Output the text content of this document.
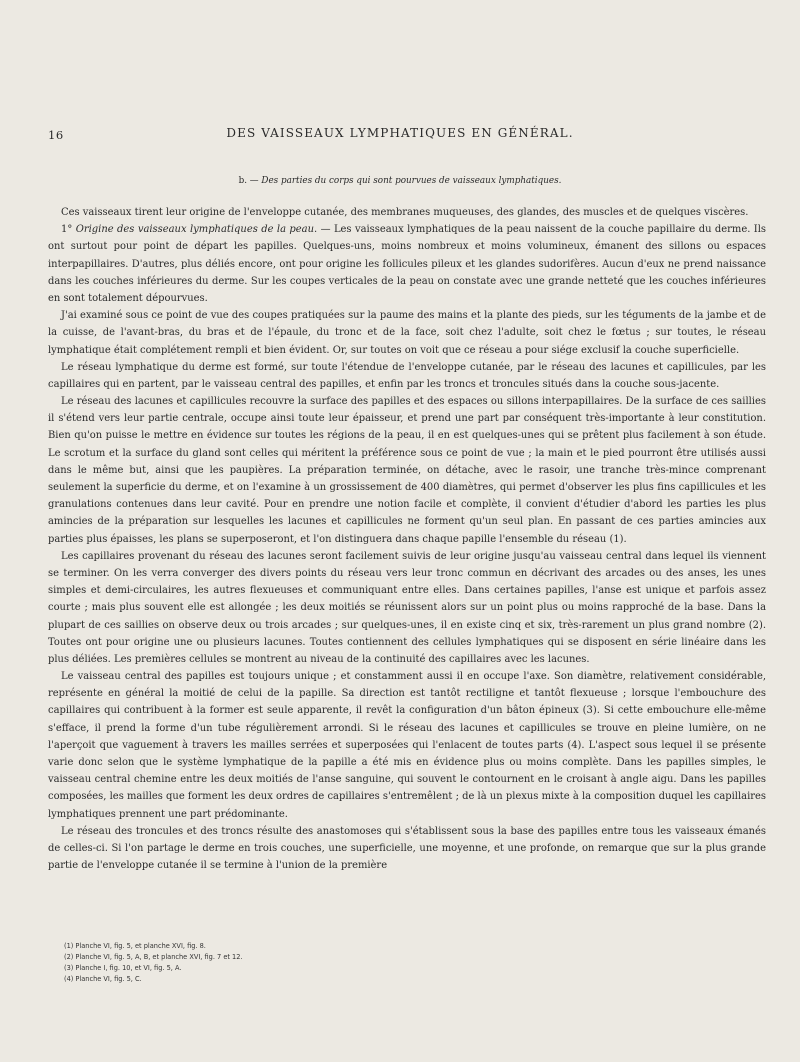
16	DES VAISSEAUX LYMPHATIQUES EN GÉNÉRAL.
b. — Des parties du corps qui sont pourvues de vaisseaux lymphatiques.

Ces vaisseaux tirent leur origine de l'enveloppe cutanée, des membranes muqueuses, des glandes, des muscles et de quelques viscères.

1° Origine des vaisseaux lymphatiques de la peau. — Les vaisseaux lymphatiques de la peau naissent de la couche papillaire du derme. Ils ont surtout pour point de départ les papilles. Quelques-uns, moins nombreux et moins volumineux, émanent des sillons ou espaces interpapillaires. D'autres, plus déliés encore, ont pour origine les follicules pileux et les glandes sudorifères. Aucun d'eux ne prend naissance dans les couches inférieures du derme. Sur les coupes verticales de la peau on constate avec une grande netteté que les couches inférieures en sont totalement dépourvues.

J'ai examiné sous ce point de vue des coupes pratiquées sur la paume des mains et la plante des pieds, sur les téguments de la jambe et de la cuisse, de l'avant-bras, du bras et de l'épaule, du tronc et de la face, soit chez l'adulte, soit chez le fœtus ; sur toutes, le réseau lymphatique était complétement rempli et bien évident. Or, sur toutes on voit que ce réseau a pour siége exclusif la couche superficielle.

Le réseau lymphatique du derme est formé, sur toute l'étendue de l'enveloppe cutanée, par le réseau des lacunes et capillicules, par les capillaires qui en partent, par le vaisseau central des papilles, et enfin par les troncs et troncules situés dans la couche sous-jacente.

Le réseau des lacunes et capillicules recouvre la surface des papilles et des espaces ou sillons interpapillaires. De la surface de ces saillies il s'étend vers leur partie centrale, occupe ainsi toute leur épaisseur, et prend une part par conséquent très-importante à leur constitution. Bien qu'on puisse le mettre en évidence sur toutes les régions de la peau, il en est quelques-unes qui se prêtent plus facilement à son étude. Le scrotum et la surface du gland sont celles qui méritent la préférence sous ce point de vue ; la main et le pied pourront être utilisés aussi dans le même but, ainsi que les paupières. La préparation terminée, on détache, avec le rasoir, une tranche très-mince comprenant seulement la superficie du derme, et on l'examine à un grossissement de 400 diamètres, qui permet d'observer les plus fins capillicules et les granulations contenues dans leur cavité. Pour en prendre une notion facile et complète, il convient d'étudier d'abord les parties les plus amincies de la préparation sur lesquelles les lacunes et capillicules ne forment qu'un seul plan. En passant de ces parties amincies aux parties plus épaisses, les plans se superposeront, et l'on distinguera dans chaque papille l'ensemble du réseau (1).

Les capillaires provenant du réseau des lacunes seront facilement suivis de leur origine jusqu'au vaisseau central dans lequel ils viennent se terminer. On les verra converger des divers points du réseau vers leur tronc commun en décrivant des arcades ou des anses, les unes simples et demi-circulaires, les autres flexueuses et communiquant entre elles. Dans certaines papilles, l'anse est unique et parfois assez courte ; mais plus souvent elle est allongée ; les deux moitiés se réunissent alors sur un point plus ou moins rapproché de la base. Dans la plupart de ces saillies on observe deux ou trois arcades ; sur quelques-unes, il en existe cinq et six, très-rarement un plus grand nombre (2). Toutes ont pour origine une ou plusieurs lacunes. Toutes contiennent des cellules lymphatiques qui se disposent en série linéaire dans les plus déliées. Les premières cellules se montrent au niveau de la continuité des capillaires avec les lacunes.

Le vaisseau central des papilles est toujours unique ; et constamment aussi il en occupe l'axe. Son diamètre, relativement considérable, représente en général la moitié de celui de la papille. Sa direction est tantôt rectiligne et tantôt flexueuse ; lorsque l'embouchure des capillaires qui contribuent à la former est seule apparente, il revêt la configuration d'un bâton épineux (3). Si cette embouchure elle-même s'efface, il prend la forme d'un tube régulièrement arrondi. Si le réseau des lacunes et capillicules se trouve en pleine lumière, on ne l'aperçoit que vaguement à travers les mailles serrées et superposées qui l'enlacent de toutes parts (4). L'aspect sous lequel il se présente varie donc selon que le système lymphatique de la papille a été mis en évidence plus ou moins complète. Dans les papilles simples, le vaisseau central chemine entre les deux moitiés de l'anse sanguine, qui souvent le contournent en le croisant à angle aigu. Dans les papilles composées, les mailles que forment les deux ordres de capillaires s'entremêlent ; de là un plexus mixte à la composition duquel les capillaires lymphatiques prennent une part prédominante.

Le réseau des troncules et des troncs résulte des anastomoses qui s'établissent sous la base des papilles entre tous les vaisseaux émanés de celles-ci. Si l'on partage le derme en trois couches, une superficielle, une moyenne, et une profonde, on remarque que sur la plus grande partie de l'enveloppe cutanée il se termine à l'union de la première

(1) Planche VI, fig. 5, et planche XVI, fig. 8.
(2) Planche VI, fig. 5, A, B, et planche XVI, fig. 7 et 12.
(3) Planche I, fig. 10, et VI, fig. 5, A.
(4) Planche VI, fig. 5, C.
